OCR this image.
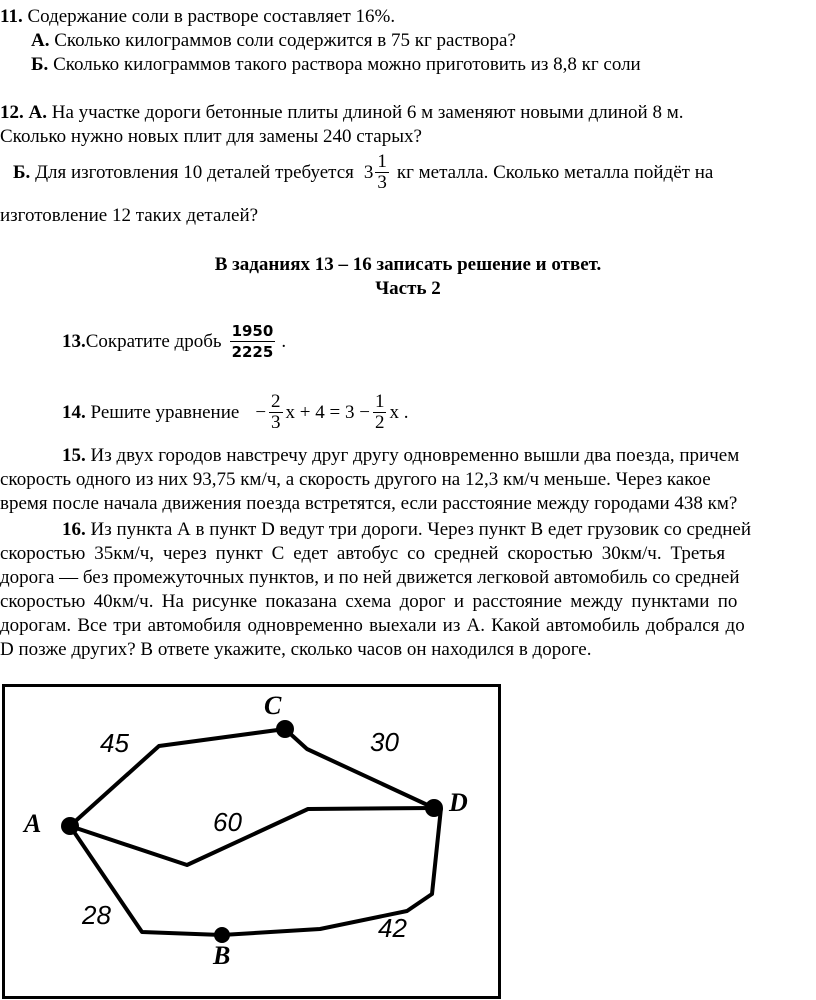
11. Содержание соли в растворе составляет 16%.
А. Сколько килограммов соли содержится в 75 кг раствора?
Б. Сколько килограммов такого раствора можно приготовить из 8,8 кг соли
12. А. На участке дороги бетонные плиты длиной 6 м заменяют новыми длиной 8 м.
Сколько нужно новых плит для замены 240 старых?
Б.
Для изготовления 10 деталей требуется $3 \frac{1}{3}$ кг металла. Сколько металла пойдёт на
изготовление 12 таких деталей?
В заданиях 13 – 16 записать решение и ответ.
Часть 2
13. Сократите дробь $\frac{1950}{2225}$ .
14.
Решите уравнение − $\frac{2}{3}$ $x + 4 = 3 - \frac{1}{2}$ x .
15. Из двух городов навстречу друг другу одновременно вышли два поезда, причем
скорость одного из них 93,75 км/ч, а скорость другого на 12,3 км/ч меньше. Через какое
время после начала движения поезда встретятся, если расстояние между городами 438 км?
16. Из пункта А в пункт D ведут три дороги. Через пункт В едет грузовик со средней
скоростью 35км/ч, через пункт С едет автобус со средней скоростью 30км/ч. Третья
дорога — без промежуточных пунктов, и по ней движется легковой автомобиль со средней
скоростью 40км/ч. На рисунке показана схема дорог и расстояние между пунктами по
дорогам. Все три автомобиля одновременно выехали из А. Какой автомобиль добрался до
D позже других? В ответе укажите, сколько часов он находился в дороге.
A
C
D
B
45	30
60
28	42
